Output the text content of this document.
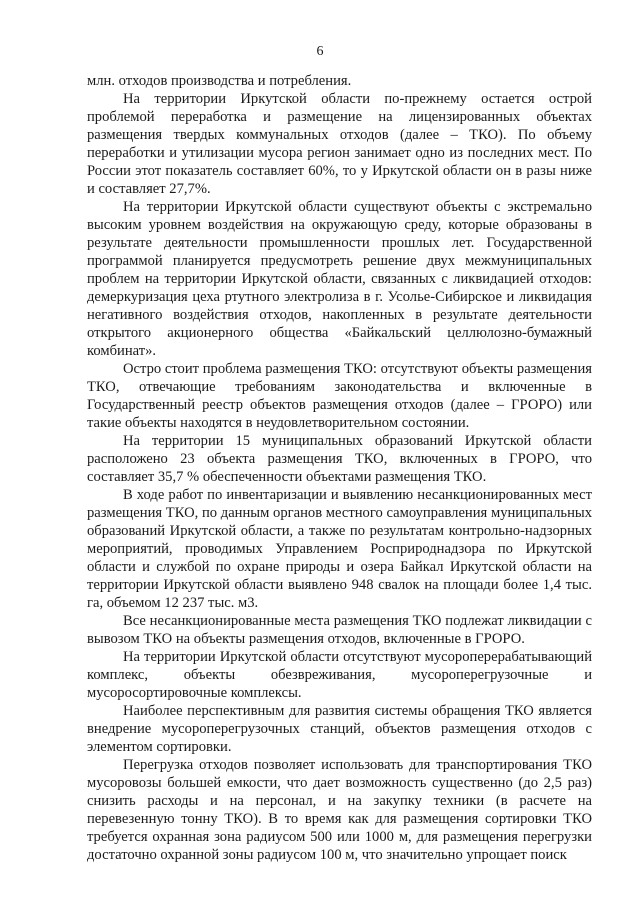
6

млн. отходов производства и потребления.

На территории Иркутской области по-прежнему остается острой проблемой переработка и размещение на лицензированных объектах размещения твердых коммунальных отходов (далее – ТКО). По объему переработки и утилизации мусора регион занимает одно из последних мест. По России этот показатель составляет 60%, то у Иркутской области он в разы ниже и составляет 27,7%.

На территории Иркутской области существуют объекты с экстремально высоким уровнем воздействия на окружающую среду, которые образованы в результате деятельности промышленности прошлых лет. Государственной программой планируется предусмотреть решение двух межмуниципальных проблем на территории Иркутской области, связанных с ликвидацией отходов: демеркуризация цеха ртутного электролиза в г. Усолье-Сибирское и ликвидация негативного воздействия отходов, накопленных в результате деятельности открытого акционерного общества «Байкальский целлюлозно-бумажный комбинат».

Остро стоит проблема размещения ТКО: отсутствуют объекты размещения ТКО, отвечающие требованиям законодательства и включенные в Государственный реестр объектов размещения отходов (далее – ГРОРО) или такие объекты находятся в неудовлетворительном состоянии.

На территории 15 муниципальных образований Иркутской области расположено 23 объекта размещения ТКО, включенных в ГРОРО, что составляет 35,7 % обеспеченности объектами размещения ТКО.

В ходе работ по инвентаризации и выявлению несанкционированных мест размещения ТКО, по данным органов местного самоуправления муниципальных образований Иркутской области, а также по результатам контрольно-надзорных мероприятий, проводимых Управлением Росприроднадзора по Иркутской области и службой по охране природы и озера Байкал Иркутской области на территории Иркутской области выявлено 948 свалок на площади более 1,4 тыс. га, объемом 12 237 тыс. м3.

Все несанкционированные места размещения ТКО подлежат ликвидации с вывозом ТКО на объекты размещения отходов, включенные в ГРОРО.

На территории Иркутской области отсутствуют мусороперерабатывающий комплекс, объекты обезвреживания, мусороперегрузочные и мусоросортировочные комплексы.

Наиболее перспективным для развития системы обращения ТКО является внедрение мусороперегрузочных станций, объектов размещения отходов с элементом сортировки.

Перегрузка отходов позволяет использовать для транспортирования ТКО мусоровозы большей емкости, что дает возможность существенно (до 2,5 раз) снизить расходы и на персонал, и на закупку техники (в расчете на перевезенную тонну ТКО). В то время как для размещения сортировки ТКО требуется охранная зона радиусом 500 или 1000 м, для размещения перегрузки достаточно охранной зоны радиусом 100 м, что значительно упрощает поиск
